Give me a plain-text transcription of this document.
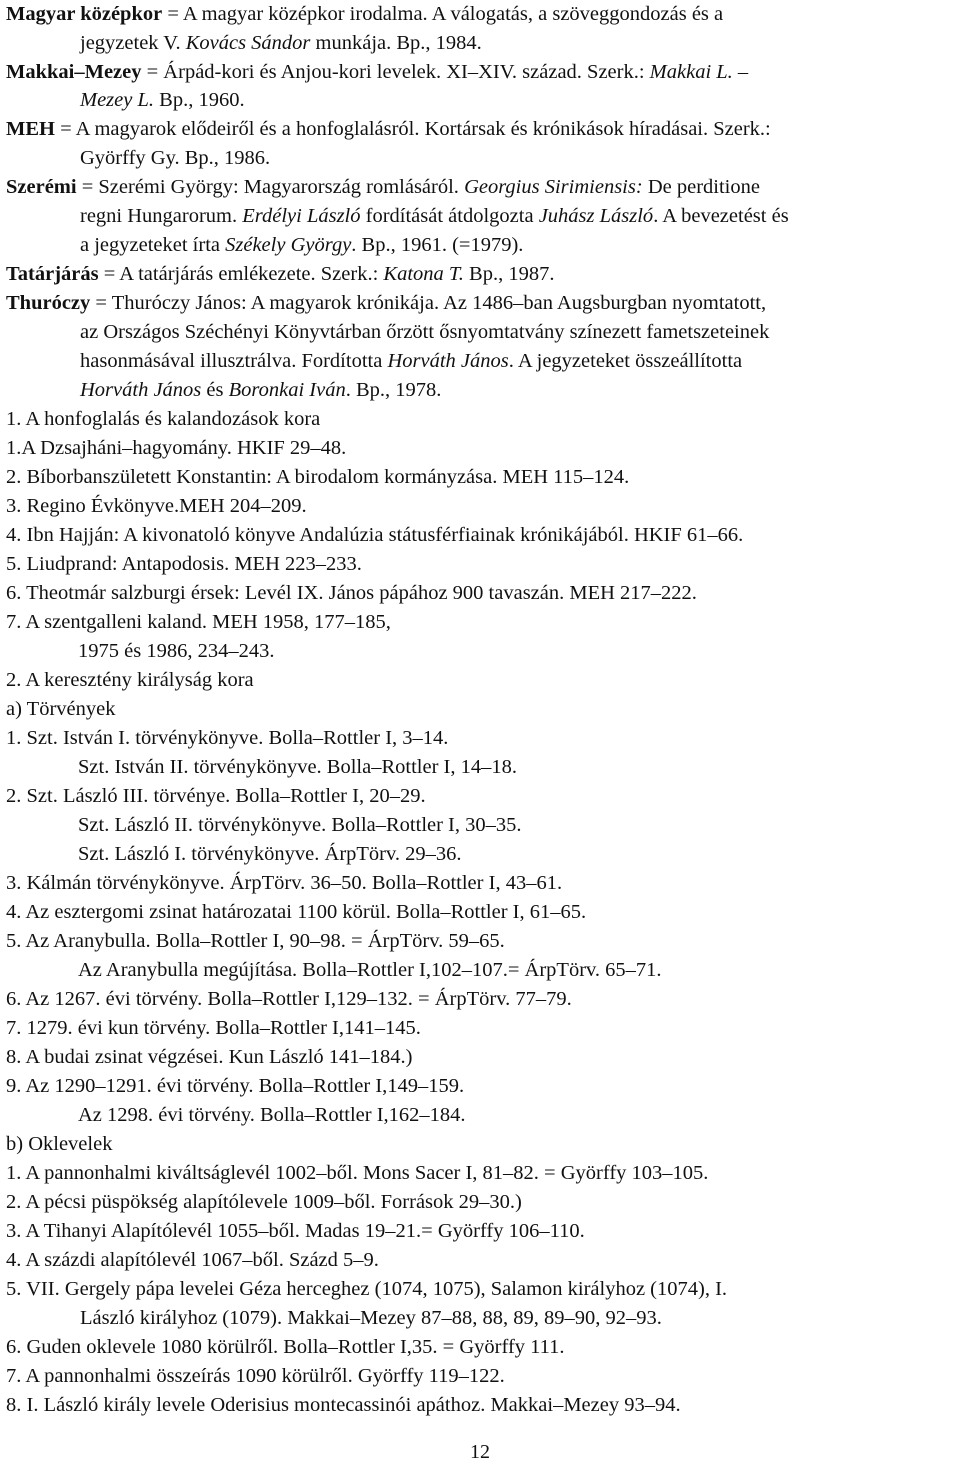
Magyar középkor = A magyar középkor irodalma. A válogatás, a szöveggondozás és a
jegyzetek V. Kovács Sándor munkája. Bp., 1984.
Makkai–Mezey = Árpád-kori és Anjou-kori levelek. XI–XIV. század. Szerk.: Makkai L. –
Mezey L. Bp., 1960.
MEH = A magyarok elődeiről és a honfoglalásról. Kortársak és krónikások híradásai. Szerk.:
Györffy Gy. Bp., 1986.
Szerémi = Szerémi György: Magyarország romlásáról. Georgius Sirimiensis: De perditione
regni Hungarorum. Erdélyi László fordítását átdolgozta Juhász László. A bevezetést és
a jegyzeteket írta Székely György. Bp., 1961. (=1979).
Tatárjárás = A tatárjárás emlékezete. Szerk.: Katona T. Bp., 1987.
Thuróczy = Thuróczy János: A magyarok krónikája. Az 1486–ban Augsburgban nyomtatott,
az Országos Széchényi Könyvtárban őrzött ősnyomtatvány színezett fametszeteinek
hasonmásával illusztrálva. Fordította Horváth János. A jegyzeteket összeállította
Horváth János és Boronkai Iván. Bp., 1978.
1. A honfoglalás és kalandozások kora
1.A Dzsajháni–hagyomány. HKIF 29–48.
2. Bíborbanszületett Konstantin: A birodalom kormányzása. MEH 115–124.
3. Regino Évkönyve.MEH 204–209.
4. Ibn Hajján: A kivonatoló könyve Andalúzia státusférfiainak krónikájából. HKIF 61–66.
5. Liudprand: Antapodosis. MEH 223–233.
6. Theotmár salzburgi érsek: Levél IX. János pápához 900 tavaszán. MEH 217–222.
7. A szentgalleni kaland. MEH 1958, 177–185,
1975 és 1986, 234–243.
2. A keresztény királyság kora
a) Törvények
1. Szt. István I. törvénykönyve. Bolla–Rottler I, 3–14.
Szt. István II. törvénykönyve. Bolla–Rottler I, 14–18.
2. Szt. László III. törvénye. Bolla–Rottler I, 20–29.
Szt. László II. törvénykönyve. Bolla–Rottler I, 30–35.
Szt. László I. törvénykönyve. ÁrpTörv. 29–36.
3. Kálmán törvénykönyve. ÁrpTörv. 36–50. Bolla–Rottler I, 43–61.
4. Az esztergomi zsinat határozatai 1100 körül. Bolla–Rottler I, 61–65.
5. Az Aranybulla. Bolla–Rottler I, 90–98. = ÁrpTörv. 59–65.
Az Aranybulla megújítása. Bolla–Rottler I,102–107.= ÁrpTörv. 65–71.
6. Az 1267. évi törvény. Bolla–Rottler I,129–132. = ÁrpTörv. 77–79.
7. 1279. évi kun törvény. Bolla–Rottler I,141–145.
8. A budai zsinat végzései. Kun László 141–184.)
9. Az 1290–1291. évi törvény. Bolla–Rottler I,149–159.
Az 1298. évi törvény. Bolla–Rottler I,162–184.
b) Oklevelek
1. A pannonhalmi kiváltságlevél 1002–ből. Mons Sacer I, 81–82. = Györffy 103–105.
2. A pécsi püspökség alapítólevele 1009–ből. Források 29–30.)
3. A Tihanyi Alapítólevél 1055–ből. Madas 19–21.= Györffy 106–110.
4. A százdi alapítólevél 1067–ből. Százd 5–9.
5. VII. Gergely pápa levelei Géza herceghez (1074, 1075), Salamon királyhoz (1074), I.
László királyhoz (1079). Makkai–Mezey 87–88, 88, 89, 89–90, 92–93.
6. Guden oklevele 1080 körülről. Bolla–Rottler I,35. = Györffy 111.
7. A pannonhalmi összeírás 1090 körülről. Györffy 119–122.
8. I. László király levele Oderisius montecassinói apáthoz. Makkai–Mezey 93–94.
12
